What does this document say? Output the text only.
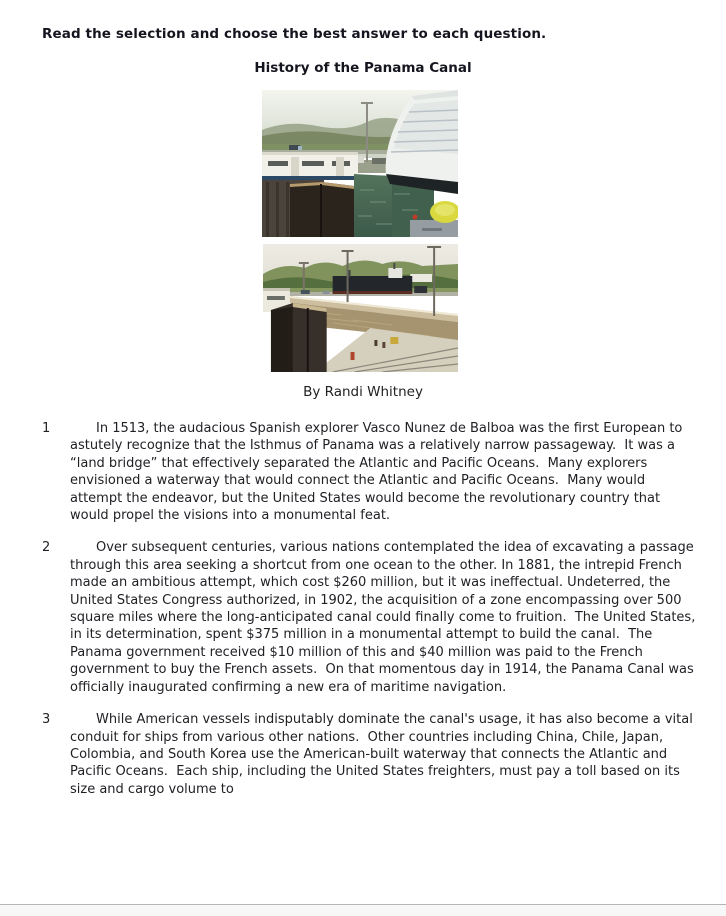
Read the selection and choose the best answer to each question.
History of the Panama Canal
By Randi Whitney
1	In 1513, the audacious Spanish explorer Vasco Nunez de Balboa was the first European to astutely recognize that the Isthmus of Panama was a relatively narrow passageway.  It was a “land bridge” that effectively separated the Atlantic and Pacific Oceans.  Many explorers envisioned a waterway that would connect the Atlantic and Pacific Oceans.  Many would attempt the endeavor, but the United States would become the revolutionary country that would propel the visions into a monumental feat.
2	Over subsequent centuries, various nations contemplated the idea of excavating a passage through this area seeking a shortcut from one ocean to the other. In 1881, the intrepid French made an ambitious attempt, which cost $260 million, but it was ineffectual. Undeterred, the United States Congress authorized, in 1902, the acquisition of a zone encompassing over 500 square miles where the long-anticipated canal could finally come to fruition.  The United States, in its determination, spent $375 million in a monumental attempt to build the canal.  The Panama government received $10 million of this and $40 million was paid to the French government to buy the French assets.  On that momentous day in 1914, the Panama Canal was officially inaugurated confirming a new era of maritime navigation.
3	While American vessels indisputably dominate the canal's usage, it has also become a vital conduit for ships from various other nations.  Other countries including China, Chile, Japan, Colombia, and South Korea use the American-built waterway that connects the Atlantic and Pacific Oceans.  Each ship, including the United States freighters, must pay a toll based on its size and cargo volume to
